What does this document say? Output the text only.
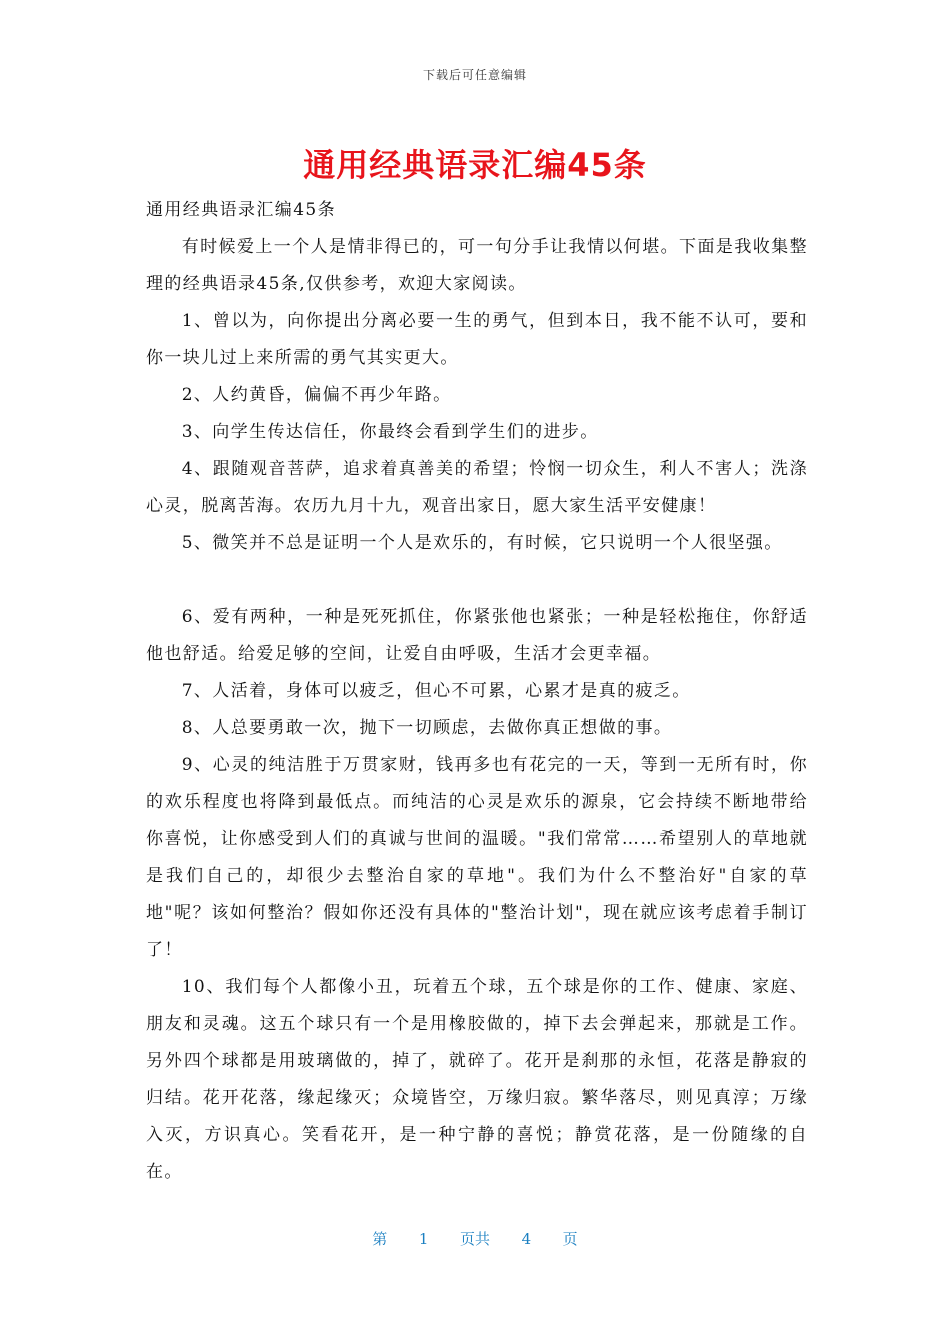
下载后可任意编辑
通用经典语录汇编45条

通用经典语录汇编45条

有时候爱上一个人是情非得已的，可一句分手让我情以何堪。下面是我收集整理的经典语录45条,仅供参考，欢迎大家阅读。

1、曾以为，向你提出分离必要一生的勇气，但到本日，我不能不认可，要和你一块儿过上来所需的勇气其实更大。

2、人约黄昏，偏偏不再少年路。

3、向学生传达信任，你最终会看到学生们的进步。

4、跟随观音菩萨，追求着真善美的希望；怜悯一切众生，利人不害人；洗涤心灵，脱离苦海。农历九月十九，观音出家日，愿大家生活平安健康！

5、微笑并不总是证明一个人是欢乐的，有时候，它只说明一个人很坚强。

6、爱有两种，一种是死死抓住，你紧张他也紧张；一种是轻松拖住，你舒适他也舒适。给爱足够的空间，让爱自由呼吸，生活才会更幸福。

7、人活着，身体可以疲乏，但心不可累，心累才是真的疲乏。

8、人总要勇敢一次，抛下一切顾虑，去做你真正想做的事。

9、心灵的纯洁胜于万贯家财，钱再多也有花完的一天，等到一无所有时，你的欢乐程度也将降到最低点。而纯洁的心灵是欢乐的源泉，它会持续不断地带给你喜悦，让你感受到人们的真诚与世间的温暖。"我们常常……希望别人的草地就是我们自己的，却很少去整治自家的草地"。我们为什么不整治好"自家的草地"呢？该如何整治？假如你还没有具体的"整治计划"，现在就应该考虑着手制订了！

10、我们每个人都像小丑，玩着五个球，五个球是你的工作、健康、家庭、朋友和灵魂。这五个球只有一个是用橡胶做的，掉下去会弹起来，那就是工作。另外四个球都是用玻璃做的，掉了，就碎了。花开是刹那的永恒，花落是静寂的归结。花开花落，缘起缘灭；众境皆空，万缘归寂。繁华落尽，则见真淳；万缘入灭，方识真心。笑看花开，是一种宁静的喜悦；静赏花落，是一份随缘的自在。

第 1 页共 4 页
